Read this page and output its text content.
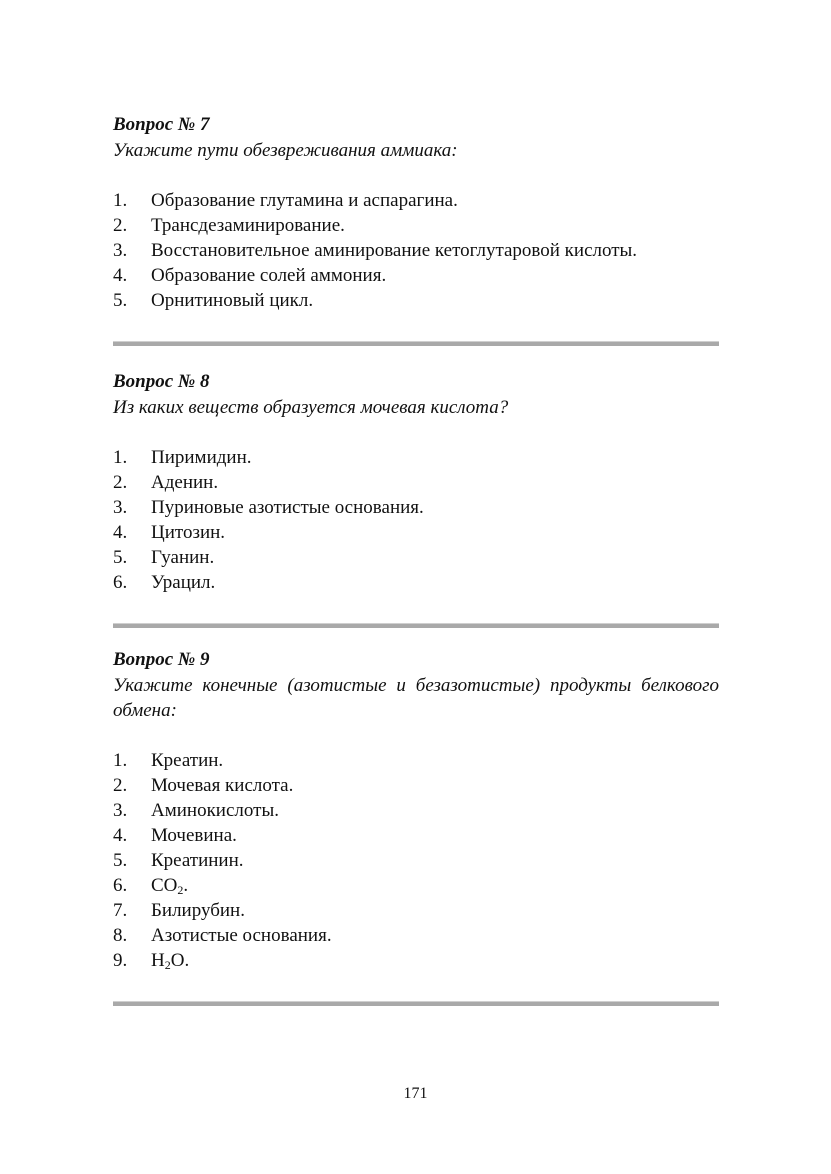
Вопрос № 7

Укажите пути обезвреживания аммиака:

1.	Образование глутамина и аспарагина.
2.	Трансдезаминирование.
3.	Восстановительное аминирование кетоглутаровой кислоты.
4.	Образование солей аммония.
5.	Орнитиновый цикл.

Вопрос № 8

Из каких веществ образуется мочевая кислота?

1.	Пиримидин.
2.	Аденин.
3.	Пуриновые азотистые основания.
4.	Цитозин.
5.	Гуанин.
6.	Урацил.

Вопрос № 9

Укажите конечные (азотистые и безазотистые) продукты белкового обмена:

1.	Креатин.
2.	Мочевая кислота.
3.	Аминокислоты.
4.	Мочевина.
5.	Креатинин.
6.	$CO_2$.
7.	Билирубин.
8.	Азотистые основания.
9.	$H_2O$.
171
